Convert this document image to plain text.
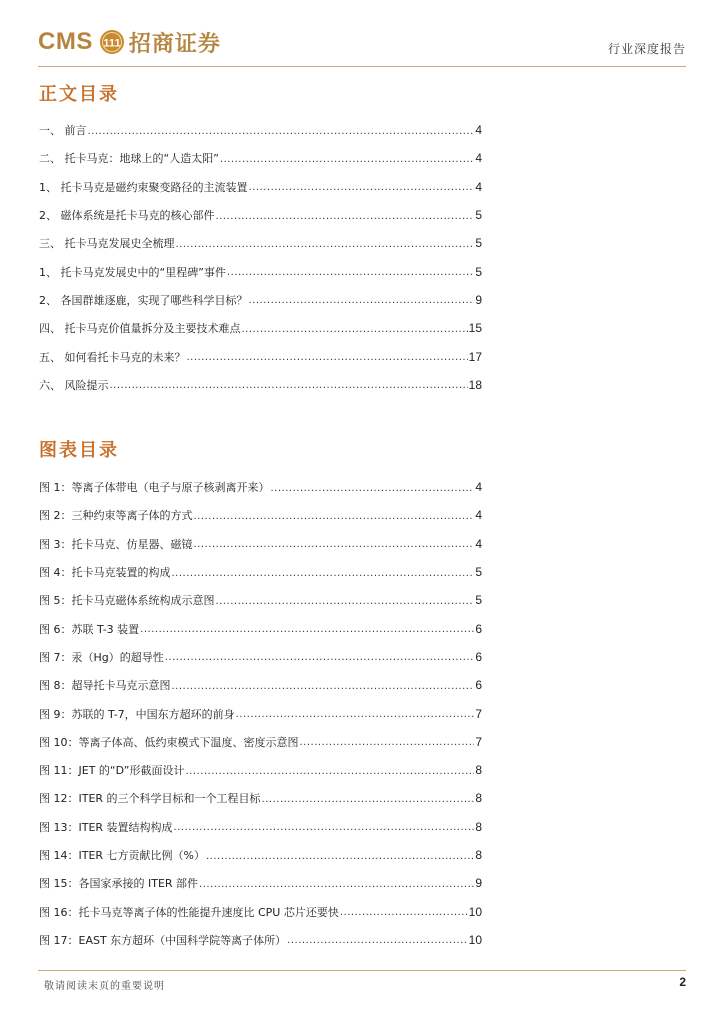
CMS 111 招商证券	行业深度报告
正文目录
一、 前言 .....	4
二、 托卡马克：地球上的“人造太阳” .....	4
1、 托卡马克是磁约束聚变路径的主流装置 .....	4
2、 磁体系统是托卡马克的核心部件 .....	5
三、 托卡马克发展史全梳理 .....	5
1、 托卡马克发展史中的“里程碑”事件 .....	5
2、 各国群雄逐鹿，实现了哪些科学目标？ .....	9
四、 托卡马克价值量拆分及主要技术难点 .....	15
五、 如何看托卡马克的未来？ .....	17
六、 风险提示 .....	18
图表目录
图 1：等离子体带电（电子与原子核剥离开来） .....	4
图 2：三种约束等离子体的方式 .....	4
图 3：托卡马克、仿星器、磁镜 .....	4
图 4：托卡马克装置的构成 .....	5
图 5：托卡马克磁体系统构成示意图 .....	5
图 6：苏联 T-3 装置 .....	6
图 7：汞（Hg）的超导性 .....	6
图 8：超导托卡马克示意图 .....	6
图 9：苏联的 T-7，中国东方超环的前身 .....	7
图 10：等离子体高、低约束模式下温度、密度示意图 .....	7
图 11：JET 的“D”形截面设计 .....	8
图 12：ITER 的三个科学目标和一个工程目标 .....	8
图 13：ITER 装置结构构成 .....	8
图 14：ITER 七方贡献比例（%） .....	8
图 15：各国家承接的 ITER 部件 .....	9
图 16：托卡马克等离子体的性能提升速度比 CPU 芯片还要快 .....	10
图 17：EAST 东方超环（中国科学院等离子体所） .....	10
敬请阅读末页的重要说明	2
